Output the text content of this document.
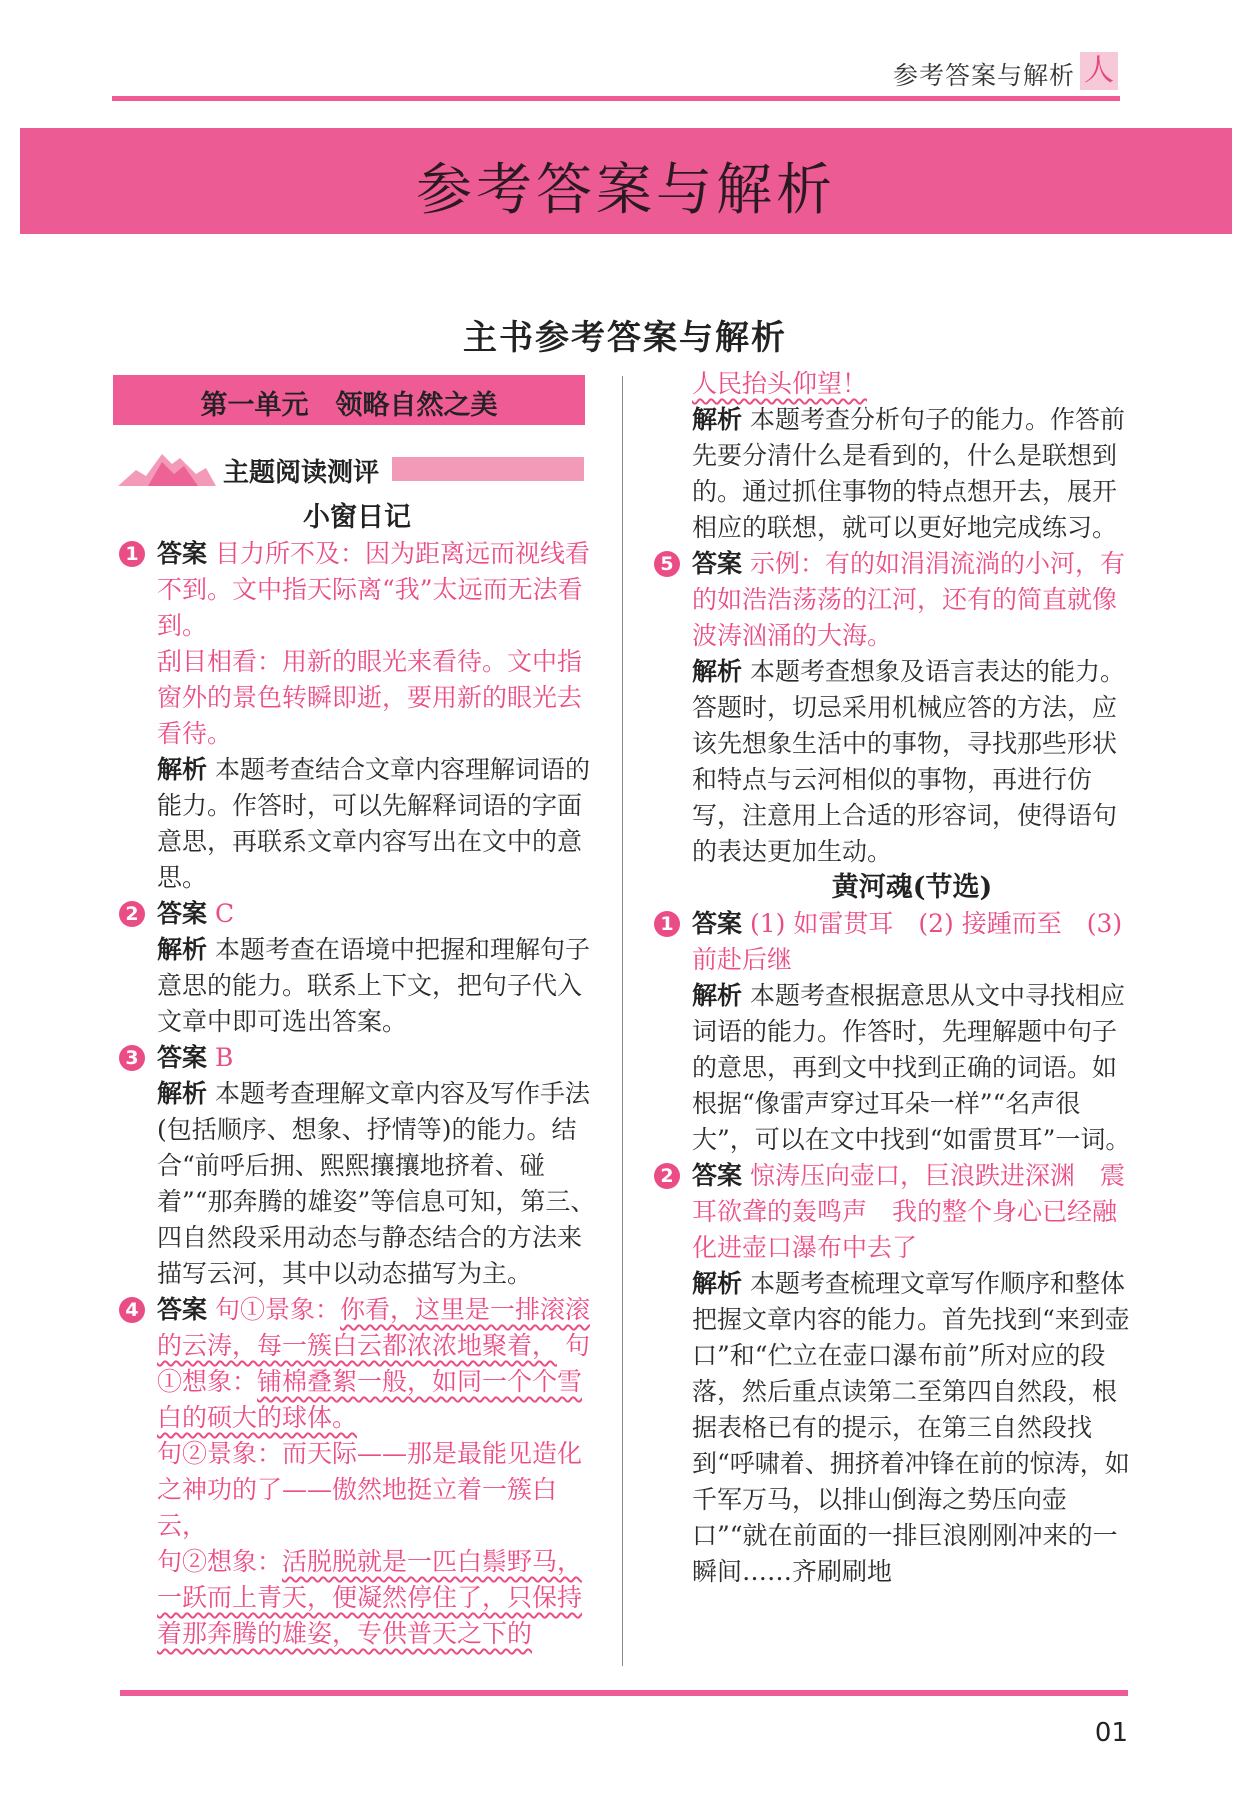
参考答案与解析 人
参考答案与解析
主书参考答案与解析
第一单元　领略自然之美
主题阅读测评

小窗日记

1 答案 目力所不及：因为距离远而视线看不到。文中指天际离“我”太远而无法看到。

刮目相看：用新的眼光来看待。文中指窗外的景色转瞬即逝，要用新的眼光去看待。

解析 本题考查结合文章内容理解词语的能力。作答时，可以先解释词语的字面意思，再联系文章内容写出在文中的意思。

2 答案 C

解析 本题考查在语境中把握和理解句子意思的能力。联系上下文，把句子代入文章中即可选出答案。

3 答案 B

解析 本题考查理解文章内容及写作手法(包括顺序、想象、抒情等)的能力。结合“前呼后拥、熙熙攘攘地挤着、碰着”“那奔腾的雄姿”等信息可知，第三、四自然段采用动态与静态结合的方法来描写云河，其中以动态描写为主。

4 答案 句①景象：你看，这里是一排滚滚的云涛，每一簇白云都浓浓地聚着， 句①想象：铺棉叠絮一般，如同一个个雪白的硕大的球体。

句②景象：而天际——那是最能见造化之神功的了——傲然地挺立着一簇白云，

句②想象：活脱脱就是一匹白鬃野马，一跃而上青天，便凝然停住了，只保持着那奔腾的雄姿，专供普天之下的

人民抬头仰望！

解析 本题考查分析句子的能力。作答前先要分清什么是看到的，什么是联想到的。通过抓住事物的特点想开去，展开相应的联想，就可以更好地完成练习。

5 答案 示例：有的如涓涓流淌的小河，有的如浩浩荡荡的江河，还有的简直就像波涛汹涌的大海。

解析 本题考查想象及语言表达的能力。答题时，切忌采用机械应答的方法，应该先想象生活中的事物，寻找那些形状和特点与云河相似的事物，再进行仿写，注意用上合适的形容词，使得语句的表达更加生动。

黄河魂(节选)

1 答案 (1) 如雷贯耳　(2) 接踵而至　(3) 前赴后继

解析 本题考查根据意思从文中寻找相应词语的能力。作答时，先理解题中句子的意思，再到文中找到正确的词语。如根据“像雷声穿过耳朵一样”“名声很大”，可以在文中找到“如雷贯耳”一词。

2 答案 惊涛压向壶口，巨浪跌进深渊　震耳欲聋的轰鸣声　我的整个身心已经融化进壶口瀑布中去了

解析 本题考查梳理文章写作顺序和整体把握文章内容的能力。首先找到“来到壶口”和“伫立在壶口瀑布前”所对应的段落，然后重点读第二至第四自然段，根据表格已有的提示，在第三自然段找到“呼啸着、拥挤着冲锋在前的惊涛，如千军万马，以排山倒海之势压向壶口”“就在前面的一排巨浪刚刚冲来的一瞬间……齐刷刷地

01
